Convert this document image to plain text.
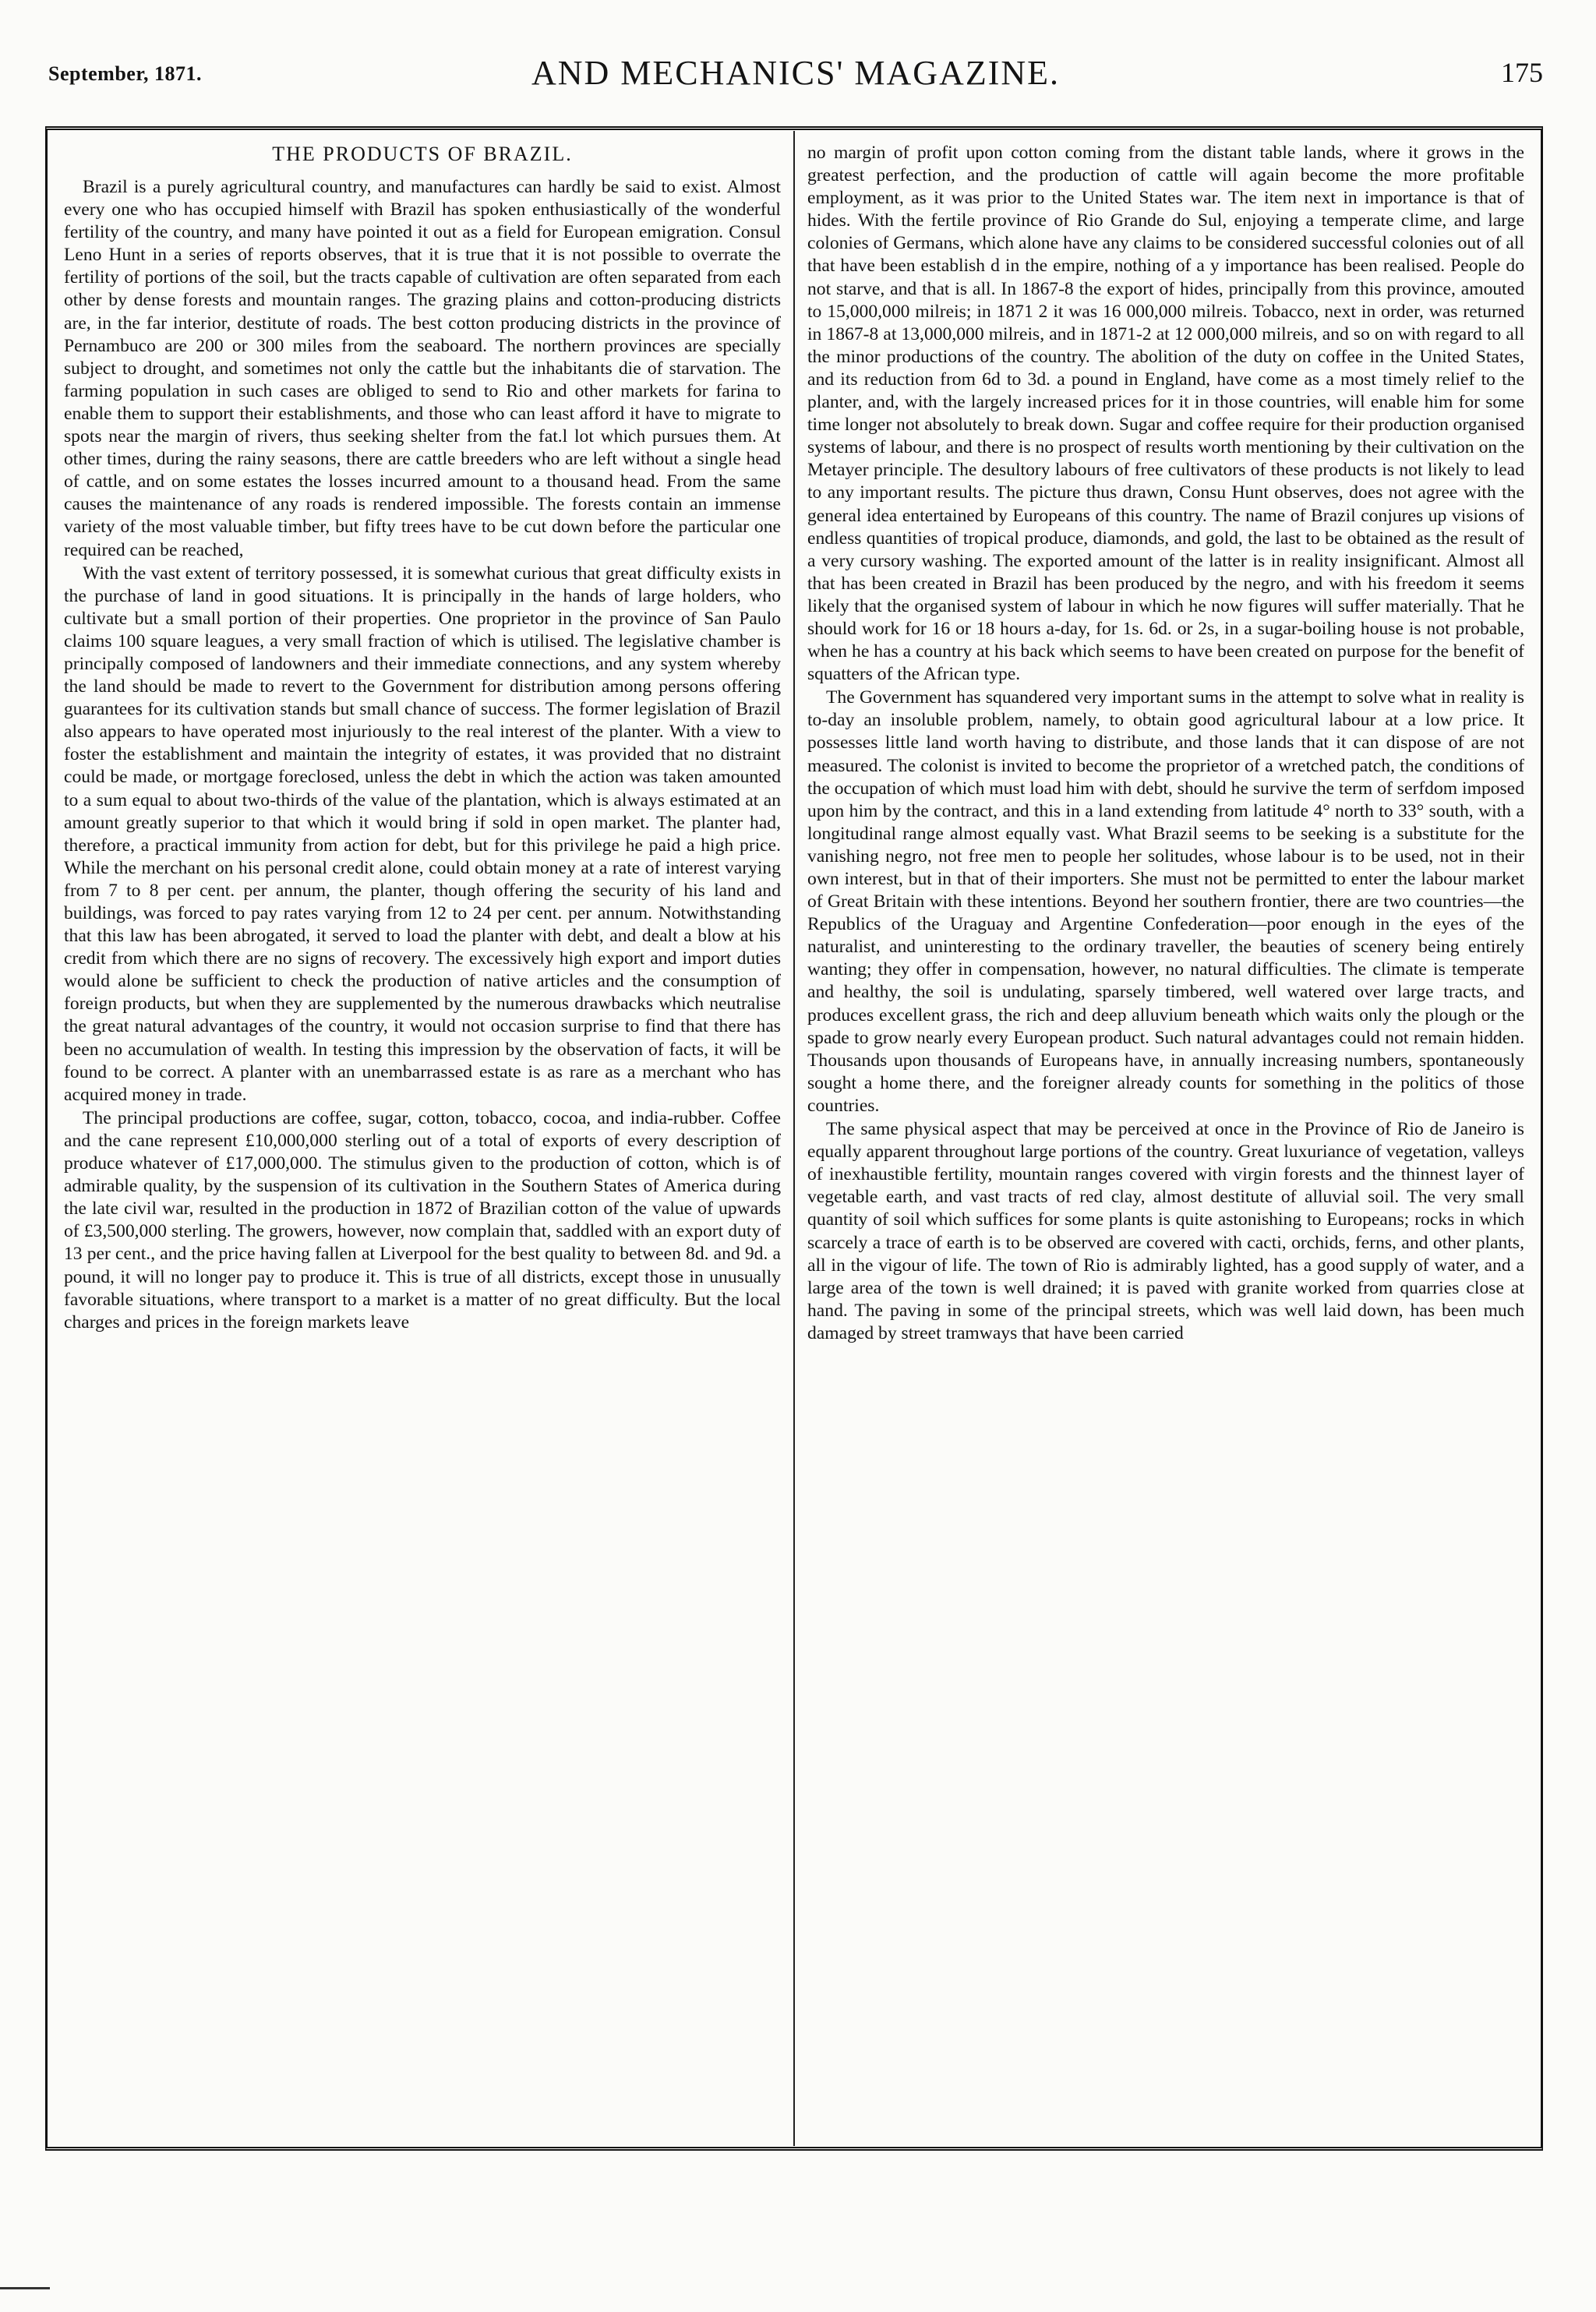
September, 1871.	AND MECHANICS' MAGAZINE.	175
THE PRODUCTS OF BRAZIL.

Brazil is a purely agricultural country, and manufactures can hardly be said to exist. Almost every one who has occupied himself with Brazil has spoken enthusiastically of the wonderful fertility of the country, and many have pointed it out as a field for European emigration. Consul Leno Hunt in a series of reports observes, that it is true that it is not possible to overrate the fertility of portions of the soil, but the tracts capable of cultivation are often separated from each other by dense forests and mountain ranges. The grazing plains and cotton-producing districts are, in the far interior, destitute of roads. The best cotton producing districts in the province of Pernambuco are 200 or 300 miles from the seaboard. The northern provinces are specially subject to drought, and sometimes not only the cattle but the inhabitants die of starvation. The farming population in such cases are obliged to send to Rio and other markets for farina to enable them to support their establishments, and those who can least afford it have to migrate to spots near the margin of rivers, thus seeking shelter from the fat.l lot which pursues them. At other times, during the rainy seasons, there are cattle breeders who are left without a single head of cattle, and on some estates the losses incurred amount to a thousand head. From the same causes the maintenance of any roads is rendered impossible. The forests contain an immense variety of the most valuable timber, but fifty trees have to be cut down before the particular one required can be reached,

With the vast extent of territory possessed, it is somewhat curious that great difficulty exists in the purchase of land in good situations. It is principally in the hands of large holders, who cultivate but a small portion of their properties. One proprietor in the province of San Paulo claims 100 square leagues, a very small fraction of which is utilised. The legislative chamber is principally composed of landowners and their immediate connections, and any system whereby the land should be made to revert to the Government for distribution among persons offering guarantees for its cultivation stands but small chance of success. The former legislation of Brazil also appears to have operated most injuriously to the real interest of the planter. With a view to foster the establishment and maintain the integrity of estates, it was provided that no distraint could be made, or mortgage foreclosed, unless the debt in which the action was taken amounted to a sum equal to about two-thirds of the value of the plantation, which is always estimated at an amount greatly superior to that which it would bring if sold in open market. The planter had, therefore, a practical immunity from action for debt, but for this privilege he paid a high price. While the merchant on his personal credit alone, could obtain money at a rate of interest varying from 7 to 8 per cent. per annum, the planter, though offering the security of his land and buildings, was forced to pay rates varying from 12 to 24 per cent. per annum. Notwithstanding that this law has been abrogated, it served to load the planter with debt, and dealt a blow at his credit from which there are no signs of recovery. The excessively high export and import duties would alone be sufficient to check the production of native articles and the consumption of foreign products, but when they are supplemented by the numerous drawbacks which neutralise the great natural advantages of the country, it would not occasion surprise to find that there has been no accumulation of wealth. In testing this impression by the observation of facts, it will be found to be correct. A planter with an unembarrassed estate is as rare as a merchant who has acquired money in trade.

The principal productions are coffee, sugar, cotton, tobacco, cocoa, and india-rubber. Coffee and the cane represent £10,000,000 sterling out of a total of exports of every description of produce whatever of £17,000,000. The stimulus given to the production of cotton, which is of admirable quality, by the suspension of its cultivation in the Southern States of America during the late civil war, resulted in the production in 1872 of Brazilian cotton of the value of upwards of £3,500,000 sterling. The growers, however, now complain that, saddled with an export duty of 13 per cent., and the price having fallen at Liverpool for the best quality to between 8d. and 9d. a pound, it will no longer pay to produce it. This is true of all districts, except those in unusually favorable situations, where transport to a market is a matter of no great difficulty. But the local charges and prices in the foreign markets leave

no margin of profit upon cotton coming from the distant table lands, where it grows in the greatest perfection, and the production of cattle will again become the more profitable employment, as it was prior to the United States war. The item next in importance is that of hides. With the fertile province of Rio Grande do Sul, enjoying a temperate clime, and large colonies of Germans, which alone have any claims to be considered successful colonies out of all that have been establish d in the empire, nothing of a y importance has been realised. People do not starve, and that is all. In 1867-8 the export of hides, principally from this province, amouted to 15,000,000 milreis; in 1871 2 it was 16 000,000 milreis. Tobacco, next in order, was returned in 1867-8 at 13,000,000 milreis, and in 1871-2 at 12 000,000 milreis, and so on with regard to all the minor productions of the country. The abolition of the duty on coffee in the United States, and its reduction from 6d to 3d. a pound in England, have come as a most timely relief to the planter, and, with the largely increased prices for it in those countries, will enable him for some time longer not absolutely to break down. Sugar and coffee require for their production organised systems of labour, and there is no prospect of results worth mentioning by their cultivation on the Metayer principle. The desultory labours of free cultivators of these products is not likely to lead to any important results. The picture thus drawn, Consu Hunt observes, does not agree with the general idea entertained by Europeans of this country. The name of Brazil conjures up visions of endless quantities of tropical produce, diamonds, and gold, the last to be obtained as the result of a very cursory washing. The exported amount of the latter is in reality insignificant. Almost all that has been created in Brazil has been produced by the negro, and with his freedom it seems likely that the organised system of labour in which he now figures will suffer materially. That he should work for 16 or 18 hours a-day, for 1s. 6d. or 2s, in a sugar-boiling house is not probable, when he has a country at his back which seems to have been created on purpose for the benefit of squatters of the African type.

The Government has squandered very important sums in the attempt to solve what in reality is to-day an insoluble problem, namely, to obtain good agricultural labour at a low price. It possesses little land worth having to distribute, and those lands that it can dispose of are not measured. The colonist is invited to become the proprietor of a wretched patch, the conditions of the occupation of which must load him with debt, should he survive the term of serfdom imposed upon him by the contract, and this in a land extending from latitude 4° north to 33° south, with a longitudinal range almost equally vast. What Brazil seems to be seeking is a substitute for the vanishing negro, not free men to people her solitudes, whose labour is to be used, not in their own interest, but in that of their importers. She must not be permitted to enter the labour market of Great Britain with these intentions. Beyond her southern frontier, there are two countries—the Republics of the Uraguay and Argentine Confederation—poor enough in the eyes of the naturalist, and uninteresting to the ordinary traveller, the beauties of scenery being entirely wanting; they offer in compensation, however, no natural difficulties. The climate is temperate and healthy, the soil is undulating, sparsely timbered, well watered over large tracts, and produces excellent grass, the rich and deep alluvium beneath which waits only the plough or the spade to grow nearly every European product. Such natural advantages could not remain hidden. Thousands upon thousands of Europeans have, in annually increasing numbers, spontaneously sought a home there, and the foreigner already counts for something in the politics of those countries.

The same physical aspect that may be perceived at once in the Province of Rio de Janeiro is equally apparent throughout large portions of the country. Great luxuriance of vegetation, valleys of inexhaustible fertility, mountain ranges covered with virgin forests and the thinnest layer of vegetable earth, and vast tracts of red clay, almost destitute of alluvial soil. The very small quantity of soil which suffices for some plants is quite astonishing to Europeans; rocks in which scarcely a trace of earth is to be observed are covered with cacti, orchids, ferns, and other plants, all in the vigour of life. The town of Rio is admirably lighted, has a good supply of water, and a large area of the town is well drained; it is paved with granite worked from quarries close at hand. The paving in some of the principal streets, which was well laid down, has been much damaged by street tramways that have been carried
